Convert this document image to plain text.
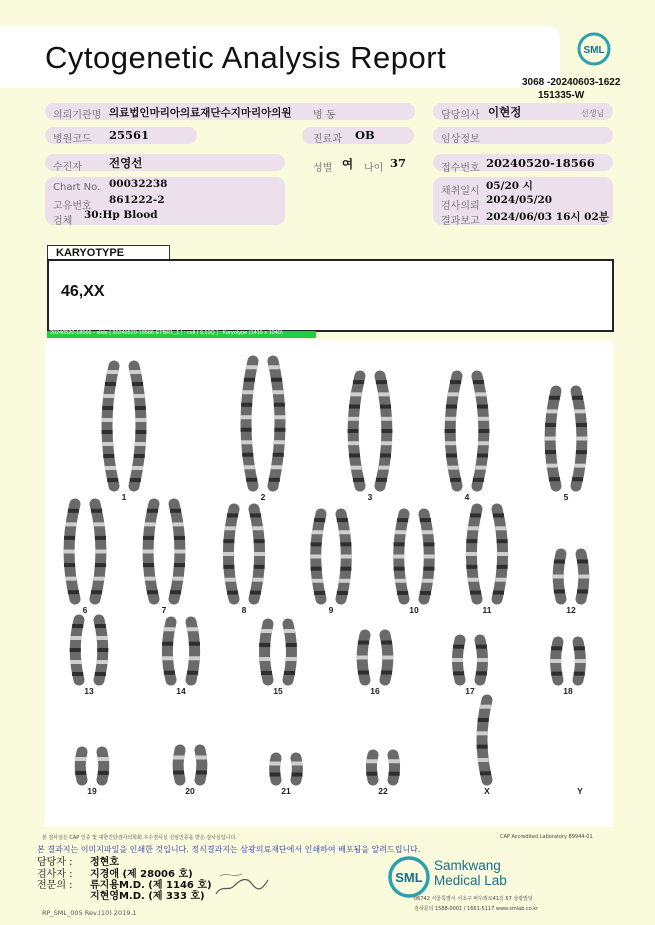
Cytogenetic Analysis Report	SML
3068 -20240603-1622
151335-W
의뢰기관명 의료법인마리아의료재단수지마리아의원 병 동	담당의사 이현정	선생님
병원코드 25561	진료과 OB	임상정보
수진자 전영선	성별 여 나이 37	접수번호 20240520-18566
Chart No. 00032238
고유번호
861222-2
검체
30:Hp Blood
채취일시 05/20 시
검사의뢰
2024/05/20
결과보고 2024/06/03 16시 02분
KARYOTYPE
46,XX
20240520-18566 - slide [ 20240520-18566 ETBR1_1 ] : cell [ 9,10Q ] : Karyotype (1416 x 1040)
1	2	3	4	5
6	7	8	9	10	11	12
13	14	15	16	17	18
19	20	21	22	X	Y
본 검사실은 CAP 인증 및 대한진단검사의학회 우수검사실 신임인증을 받은 검사실입니다.	CAP Accredited Laboratory 89944-01
본 결과지는 이미지파일을 인쇄한 것입니다. 정식결과지는 삼광의료재단에서 인쇄하여 배포됨을 알려드립니다.
담당자 : 정현호
검사자 : 지경애 (제 28006 호)
전문의 : 류지용M.D. (제 1146 호)
지현영M.D. (제 333 호)
RP_SML_005 Rev.(10) 2019.1
SML
Samkwang
Medical Lab
06742 서울특별시 서초구 바우뫼로41길 57 삼광빌딩
검사문의 1588-0001 / 1661-5117 www.smlab.co.kr
